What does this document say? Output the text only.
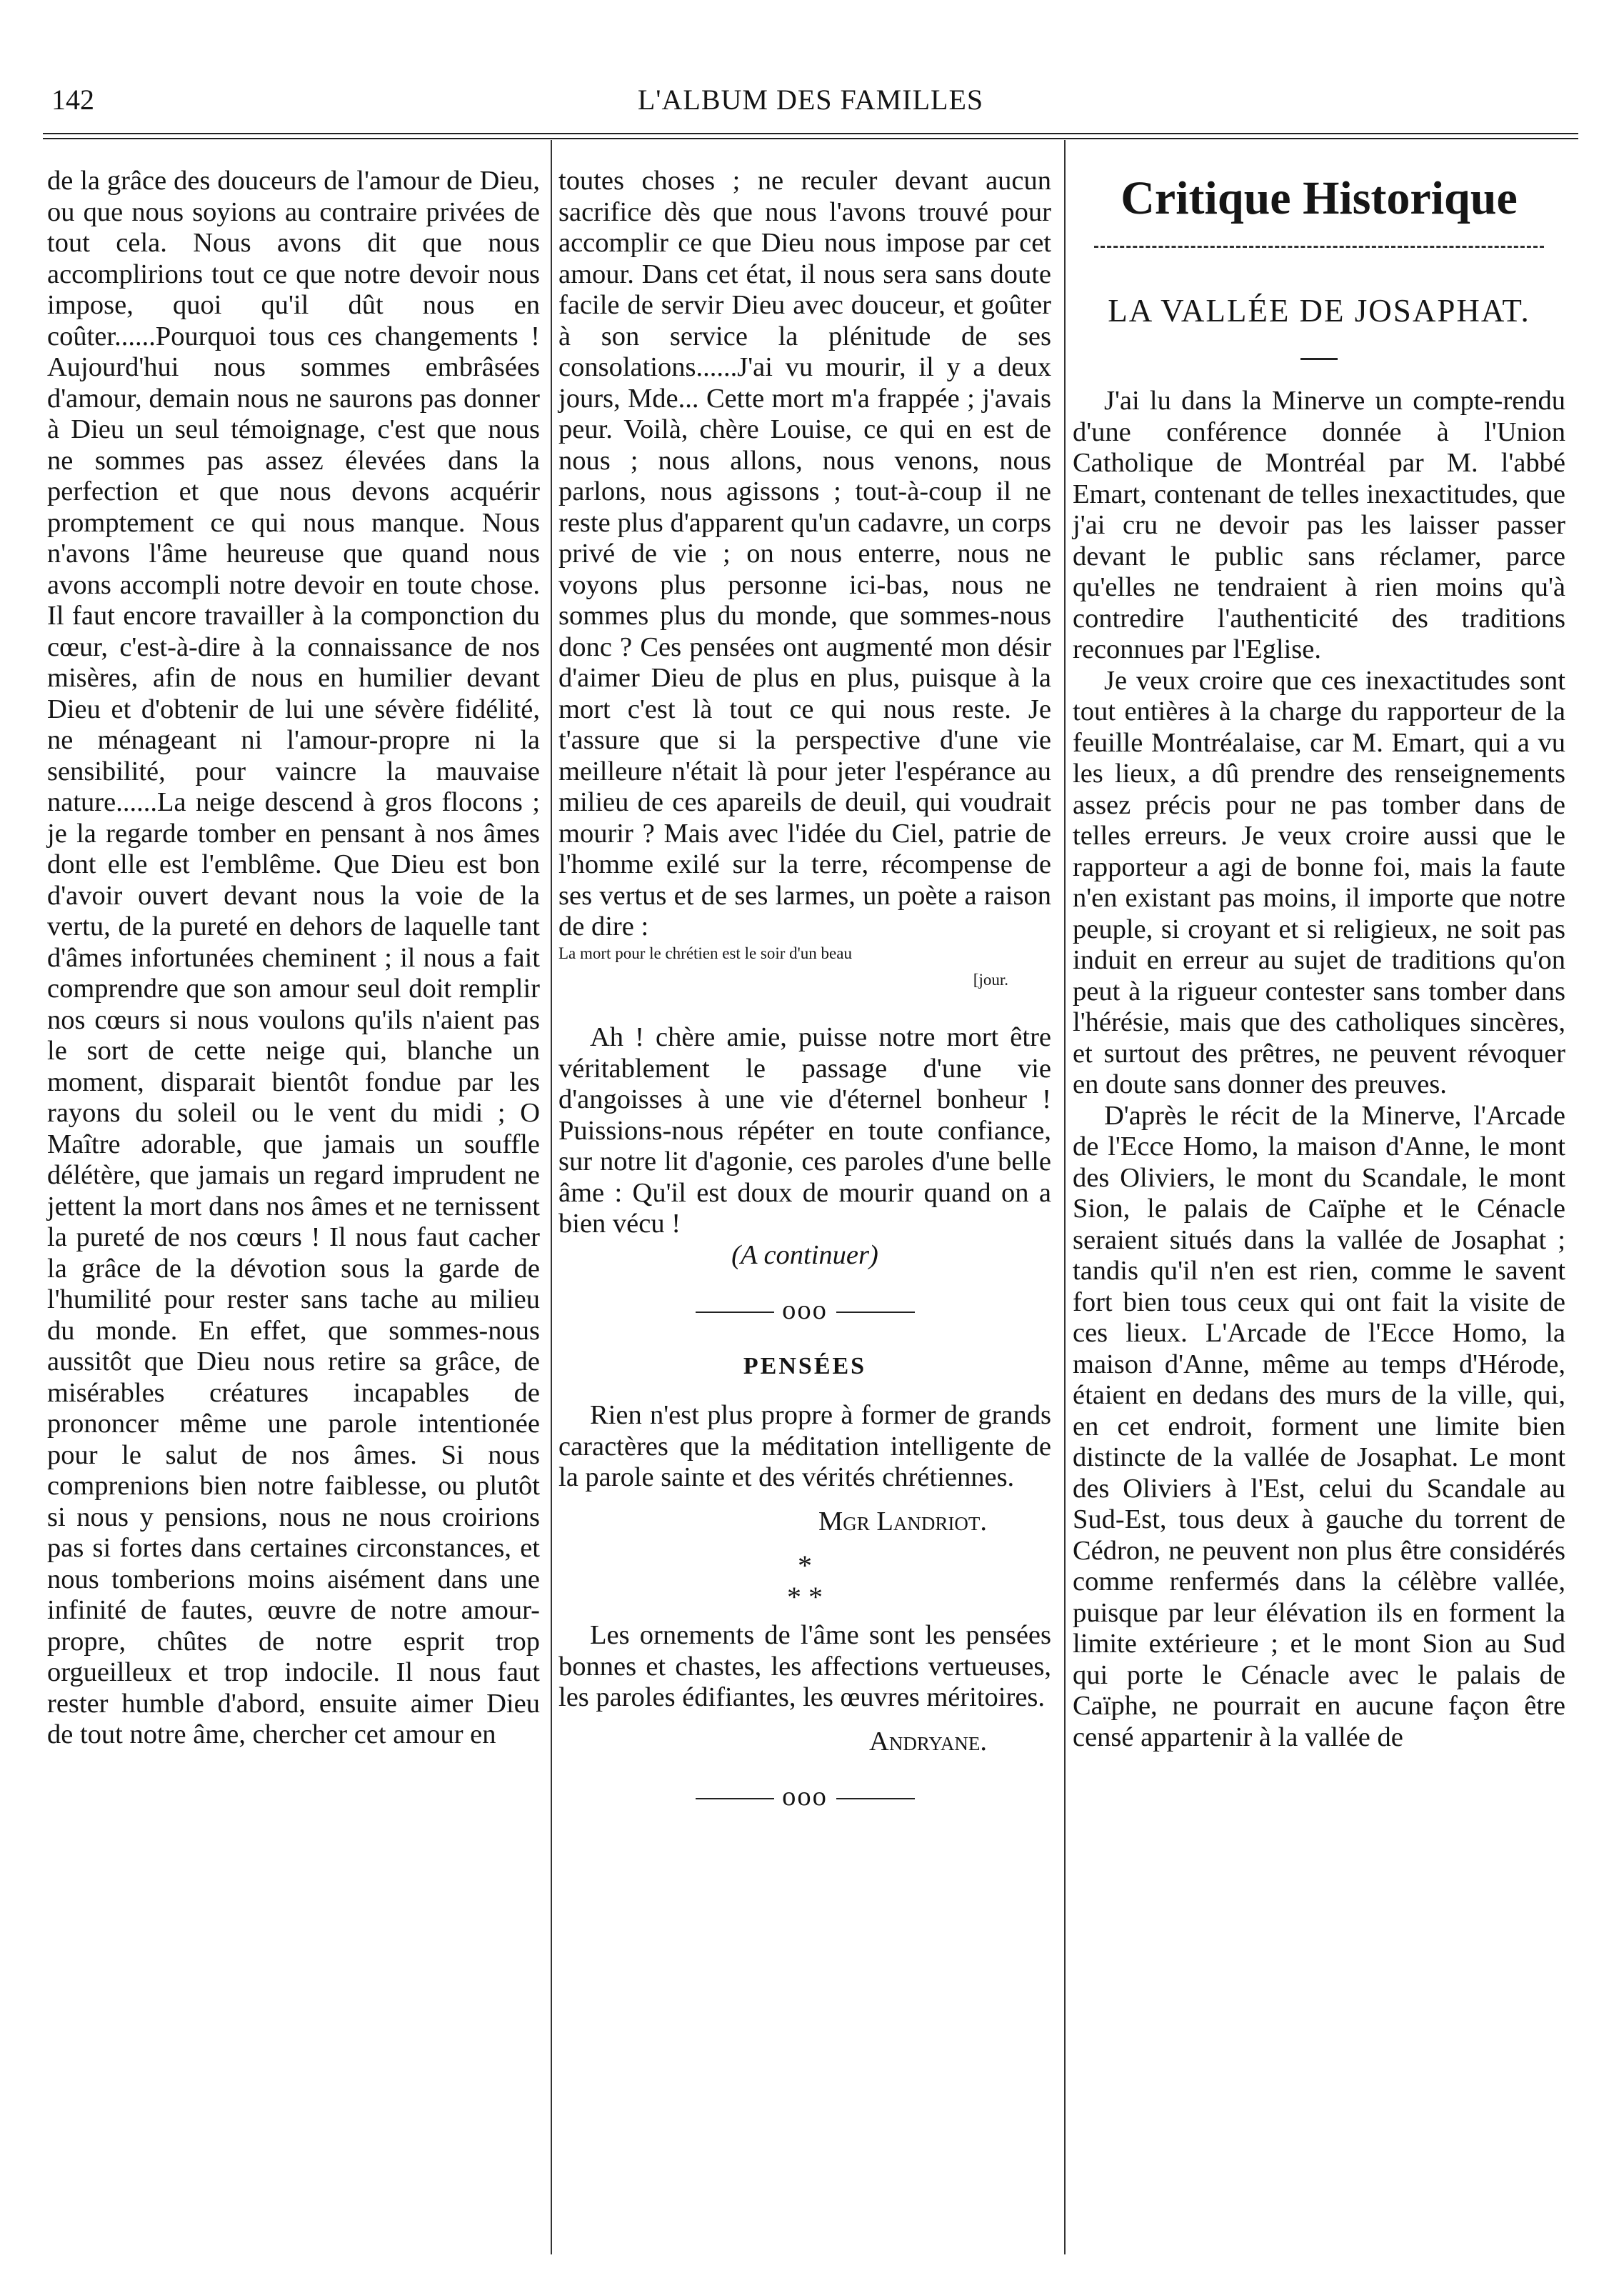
142	L'ALBUM DES FAMILLES

de la grâce des douceurs de l'amour de Dieu, ou que nous soyions au contraire privées de tout cela. Nous avons dit que nous accomplirions tout ce que notre devoir nous impose, quoi qu'il dût nous en coûter......Pourquoi tous ces changements ! Aujourd'hui nous sommes embrâsées d'amour, demain nous ne saurons pas donner à Dieu un seul témoignage, c'est que nous ne sommes pas assez élevées dans la perfection et que nous devons acquérir promptement ce qui nous manque. Nous n'avons l'âme heureuse que quand nous avons accompli notre devoir en toute chose. Il faut encore travailler à la componction du cœur, c'est-à-dire à la connaissance de nos misères, afin de nous en humilier devant Dieu et d'obtenir de lui une sévère fidélité, ne ménageant ni l'amour-propre ni la sensibilité, pour vaincre la mauvaise nature......La neige descend à gros flocons ; je la regarde tomber en pensant à nos âmes dont elle est l'emblême. Que Dieu est bon d'avoir ouvert devant nous la voie de la vertu, de la pureté en dehors de laquelle tant d'âmes infortunées cheminent ; il nous a fait comprendre que son amour seul doit remplir nos cœurs si nous voulons qu'ils n'aient pas le sort de cette neige qui, blanche un moment, disparait bientôt fondue par les rayons du soleil ou le vent du midi ; O Maître adorable, que jamais un souffle délétère, que jamais un regard imprudent ne jettent la mort dans nos âmes et ne ternissent la pureté de nos cœurs ! Il nous faut cacher la grâce de la dévotion sous la garde de l'humilité pour rester sans tache au milieu du monde. En effet, que sommes-nous aussitôt que Dieu nous retire sa grâce, de misérables créatures incapables de prononcer même une parole intentionée pour le salut de nos âmes. Si nous comprenions bien notre faiblesse, ou plutôt si nous y pensions, nous ne nous croirions pas si fortes dans certaines circonstances, et nous tomberions moins aisément dans une infinité de fautes, œuvre de notre amour-propre, chûtes de notre esprit trop orgueilleux et trop indocile. Il nous faut rester humble d'abord, ensuite aimer Dieu de tout notre âme, chercher cet amour en

toutes choses ; ne reculer devant aucun sacrifice dès que nous l'avons trouvé pour accomplir ce que Dieu nous impose par cet amour. Dans cet état, il nous sera sans doute facile de servir Dieu avec douceur, et goûter à son service la plénitude de ses consolations......J'ai vu mourir, il y a deux jours, Mde... Cette mort m'a frappée ; j'avais peur. Voilà, chère Louise, ce qui en est de nous ; nous allons, nous venons, nous parlons, nous agissons ; tout-à-coup il ne reste plus d'apparent qu'un cadavre, un corps privé de vie ; on nous enterre, nous ne voyons plus personne ici-bas, nous ne sommes plus du monde, que sommes-nous donc ? Ces pensées ont augmenté mon désir d'aimer Dieu de plus en plus, puisque à la mort c'est là tout ce qui nous reste. Je t'assure que si la perspective d'une vie meilleure n'était là pour jeter l'espérance au milieu de ces apareils de deuil, qui voudrait mourir ? Mais avec l'idée du Ciel, patrie de l'homme exilé sur la terre, récompense de ses vertus et de ses larmes, un poète a raison de dire :

La mort pour le chrétien est le soir d'un beau

[jour.

Ah ! chère amie, puisse notre mort être véritablement le passage d'une vie d'angoisses à une vie d'éternel bonheur ! Puissions-nous répéter en toute confiance, sur notre lit d'agonie, ces paroles d'une belle âme : Qu'il est doux de mourir quand on a bien vécu !

(A continuer)

ooo
PENSÉES

Rien n'est plus propre à former de grands caractères que la méditation intelligente de la parole sainte et des vérités chrétiennes.

Mgr Landriot.

*
* *

Les ornements de l'âme sont les pensées bonnes et chastes, les affections vertueuses, les paroles édifiantes, les œuvres méritoires.

Andryane.

ooo
Critique Historique
LA VALLÉE DE JOSAPHAT.

J'ai lu dans la Minerve un compte-rendu d'une conférence donnée à l'Union Catholique de Montréal par M. l'abbé Emart, contenant de telles inexactitudes, que j'ai cru ne devoir pas les laisser passer devant le public sans réclamer, parce qu'elles ne tendraient à rien moins qu'à contredire l'authenticité des traditions reconnues par l'Eglise.

Je veux croire que ces inexactitudes sont tout entières à la charge du rapporteur de la feuille Montréalaise, car M. Emart, qui a vu les lieux, a dû prendre des renseignements assez précis pour ne pas tomber dans de telles erreurs. Je veux croire aussi que le rapporteur a agi de bonne foi, mais la faute n'en existant pas moins, il importe que notre peuple, si croyant et si religieux, ne soit pas induit en erreur au sujet de traditions qu'on peut à la rigueur contester sans tomber dans l'hérésie, mais que des catholiques sincères, et surtout des prêtres, ne peuvent révoquer en doute sans donner des preuves.

D'après le récit de la Minerve, l'Arcade de l'Ecce Homo, la maison d'Anne, le mont des Oliviers, le mont du Scandale, le mont Sion, le palais de Caïphe et le Cénacle seraient situés dans la vallée de Josaphat ; tandis qu'il n'en est rien, comme le savent fort bien tous ceux qui ont fait la visite de ces lieux. L'Arcade de l'Ecce Homo, la maison d'Anne, même au temps d'Hérode, étaient en dedans des murs de la ville, qui, en cet endroit, forment une limite bien distincte de la vallée de Josaphat. Le mont des Oliviers à l'Est, celui du Scandale au Sud-Est, tous deux à gauche du torrent de Cédron, ne peuvent non plus être considérés comme renfermés dans la célèbre vallée, puisque par leur élévation ils en forment la limite extérieure ; et le mont Sion au Sud qui porte le Cénacle avec le palais de Caïphe, ne pourrait en aucune façon être censé appartenir à la vallée de
